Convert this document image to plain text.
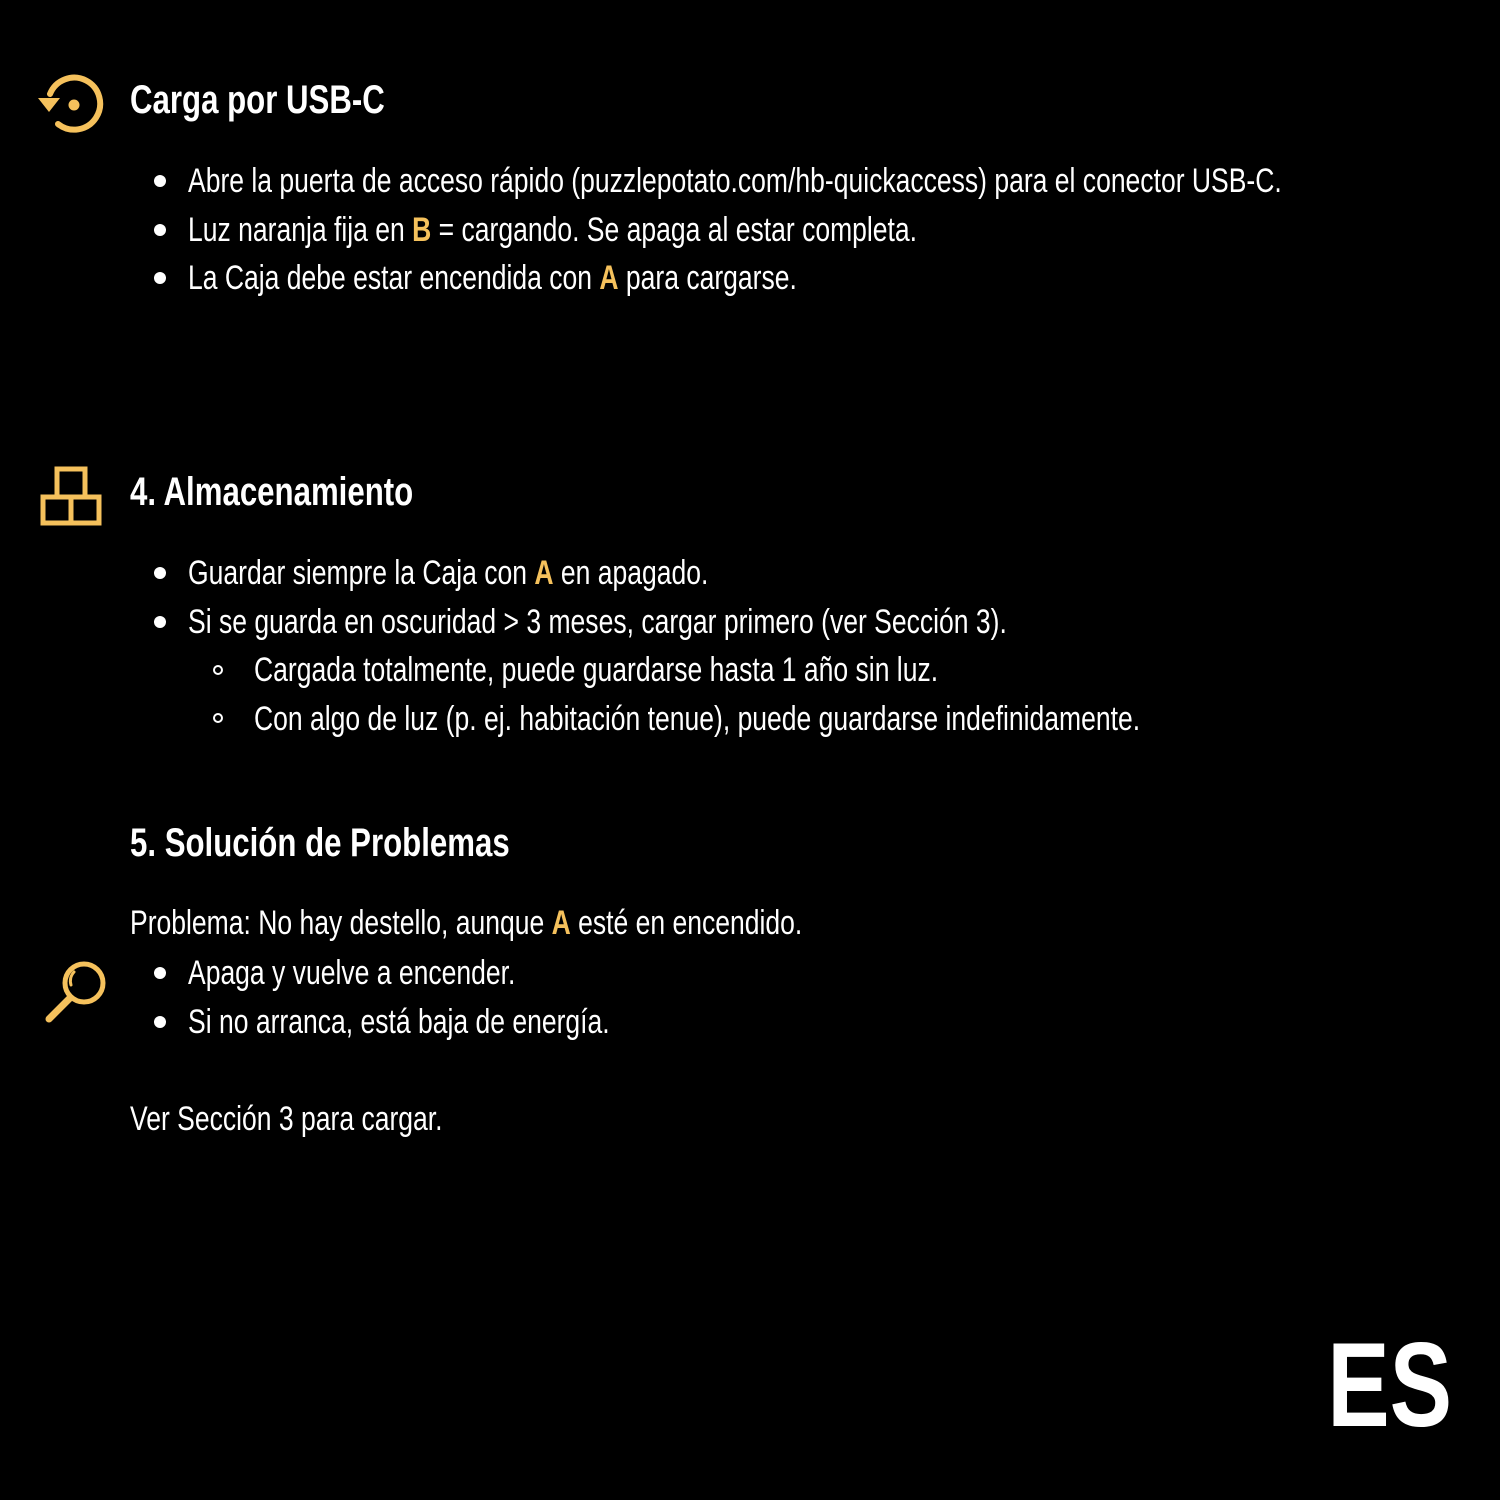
Carga por USB-C
Abre la puerta de acceso rápido (puzzlepotato.com/hb-quickaccess) para el conector USB-C.
Luz naranja fija en B = cargando. Se apaga al estar completa.
La Caja debe estar encendida con A para cargarse.
4. Almacenamiento
Guardar siempre la Caja con A en apagado.
Si se guarda en oscuridad > 3 meses, cargar primero (ver Sección 3).
Cargada totalmente, puede guardarse hasta 1 año sin luz.
Con algo de luz (p. ej. habitación tenue), puede guardarse indefinidamente.
5. Solución de Problemas
Problema: No hay destello, aunque A esté en encendido.
Apaga y vuelve a encender.
Si no arranca, está baja de energía.
Ver Sección 3 para cargar.
ES
